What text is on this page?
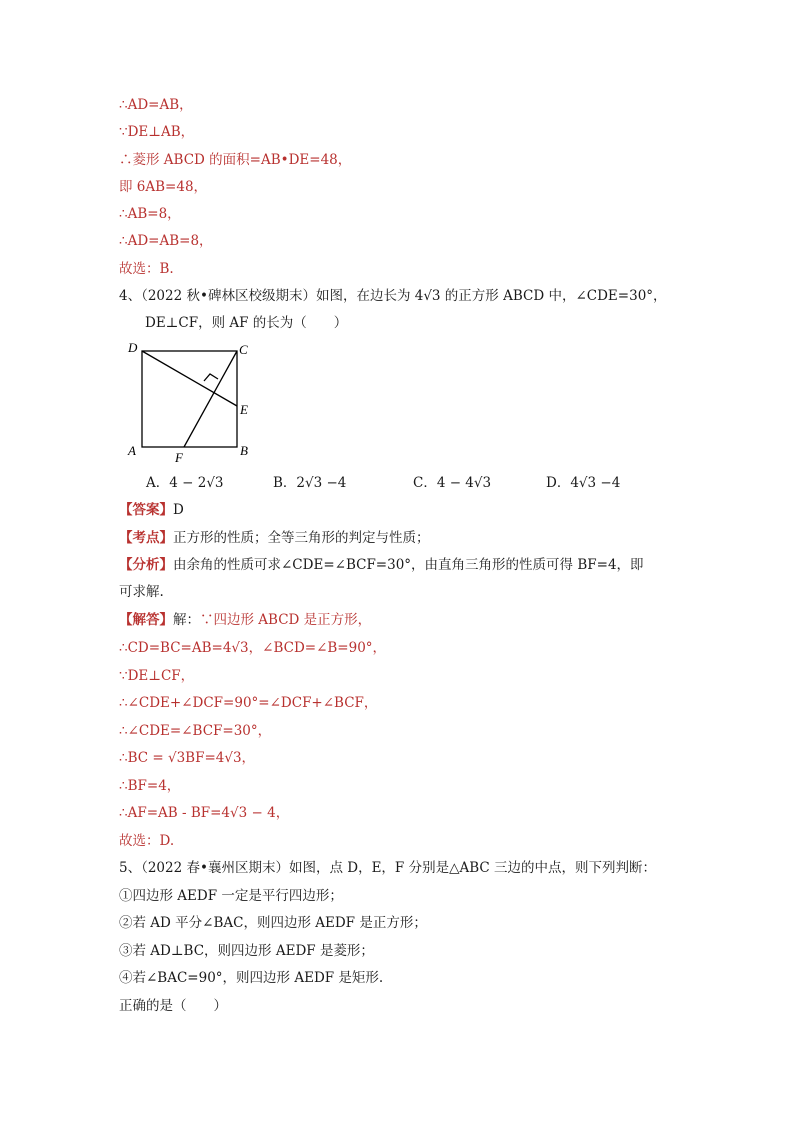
∴AD=AB，
∵DE⊥AB，
∴菱形 ABCD 的面积=AB•DE=48，
即 6AB=48，
∴AB=8，
∴AD=AB=8，
故选：B.
4、（2022 秋•碑林区校级期末）如图，在边长为 4√3 的正方形 ABCD 中，∠CDE=30°，
DE⊥CF，则 AF 的长为（　　）
D	C
E
A	F	B
A．4 − 2√3	B．2√3 −4	C．4 − 4√3	D．4√3 −4
【答案】D
【考点】正方形的性质；全等三角形的判定与性质；
【分析】由余角的性质可求∠CDE=∠BCF=30°，由直角三角形的性质可得 BF=4，即
可求解.
【解答】解：∵四边形 ABCD 是正方形，
∴CD=BC=AB=4√3，∠BCD=∠B=90°，
∵DE⊥CF，
∴∠CDE+∠DCF=90°=∠DCF+∠BCF，
∴∠CDE=∠BCF=30°，
∴BC = √3BF=4√3，
∴BF=4，
∴AF=AB - BF=4√3 − 4，
故选：D.
5、（2022 春•襄州区期末）如图，点 D，E，F 分别是△ABC 三边的中点，则下列判断：
①四边形 AEDF 一定是平行四边形；
②若 AD 平分∠BAC，则四边形 AEDF 是正方形；
③若 AD⊥BC，则四边形 AEDF 是菱形；
④若∠BAC=90°，则四边形 AEDF 是矩形.
正确的是（　　）
